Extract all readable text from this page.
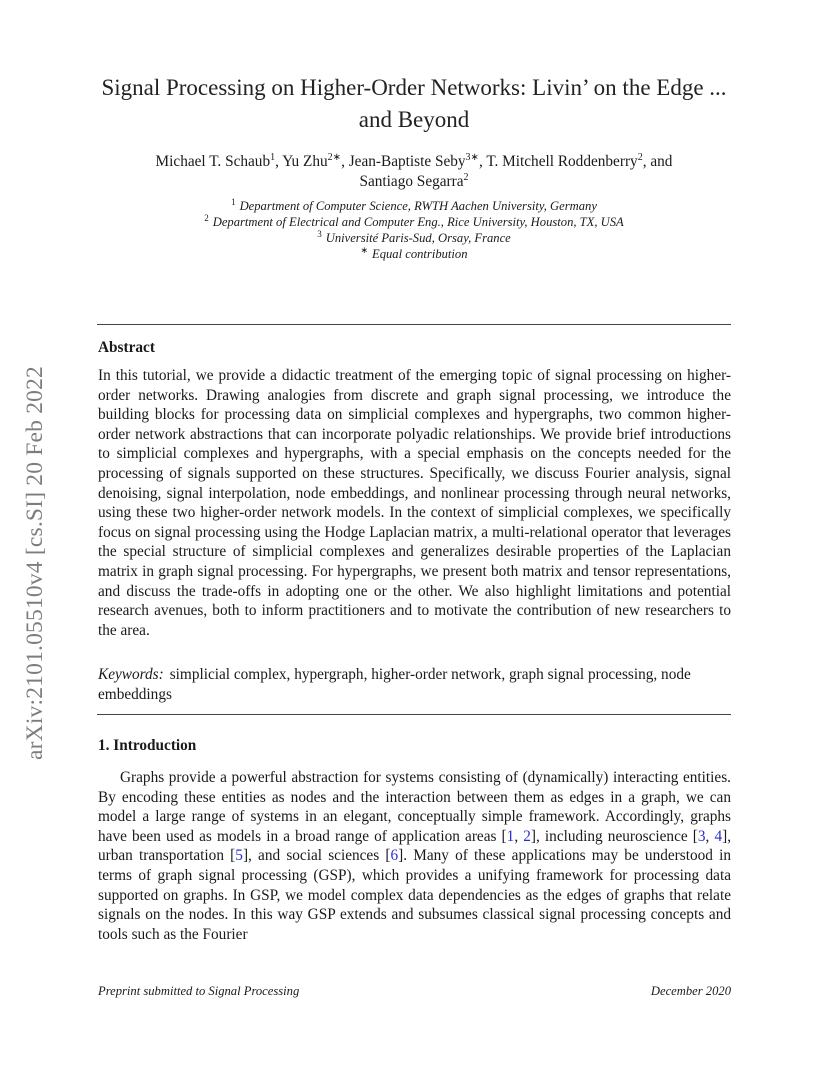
arXiv:2101.05510v4 [cs.SI] 20 Feb 2022
Signal Processing on Higher-Order Networks: Livin’ on the Edge ...
and Beyond
Michael T. Schaub$^1$, Yu Zhu$^{2∗}$, Jean-Baptiste Seby$^{3∗}$, T. Mitchell Roddenberry$^2$, and
Santiago Segarra$^2$
$^1$ Department of Computer Science, RWTH Aachen University, Germany
$^2$ Department of Electrical and Computer Eng., Rice University, Houston, TX, USA
$^3$ Université Paris-Sud, Orsay, France
∗ Equal contribution
Abstract
In this tutorial, we provide a didactic treatment of the emerging topic of signal processing on higher-order networks. Drawing analogies from discrete and graph signal processing, we introduce the building blocks for processing data on simplicial complexes and hypergraphs, two common higher-order network abstractions that can incorporate polyadic relationships. We provide brief introductions to simplicial complexes and hypergraphs, with a special emphasis on the concepts needed for the processing of signals supported on these structures. Specifically, we discuss Fourier analysis, signal denoising, signal interpolation, node embeddings, and nonlinear processing through neural networks, using these two higher-order network models. In the context of simplicial complexes, we specifically focus on signal processing using the Hodge Laplacian matrix, a multi-relational operator that leverages the special structure of simplicial complexes and generalizes desirable properties of the Laplacian matrix in graph signal processing. For hypergraphs, we present both matrix and tensor representations, and discuss the trade-offs in adopting one or the other. We also highlight limitations and potential research avenues, both to inform practitioners and to motivate the contribution of new researchers to the area.
Keywords: simplicial complex, hypergraph, higher-order network, graph signal processing, node embeddings
1. Introduction
Graphs provide a powerful abstraction for systems consisting of (dynamically) interacting entities. By encoding these entities as nodes and the interaction between them as edges in a graph, we can model a large range of systems in an elegant, conceptually simple framework. Accordingly, graphs have been used as models in a broad range of application areas [1, 2], including neuroscience [3, 4], urban transportation [5], and social sciences [6]. Many of these applications may be understood in terms of graph signal processing (GSP), which provides a unifying framework for processing data supported on graphs. In GSP, we model complex data dependencies as the edges of graphs that relate signals on the nodes. In this way GSP extends and subsumes classical signal processing concepts and tools such as the Fourier
Preprint submitted to Signal Processing	December 2020
